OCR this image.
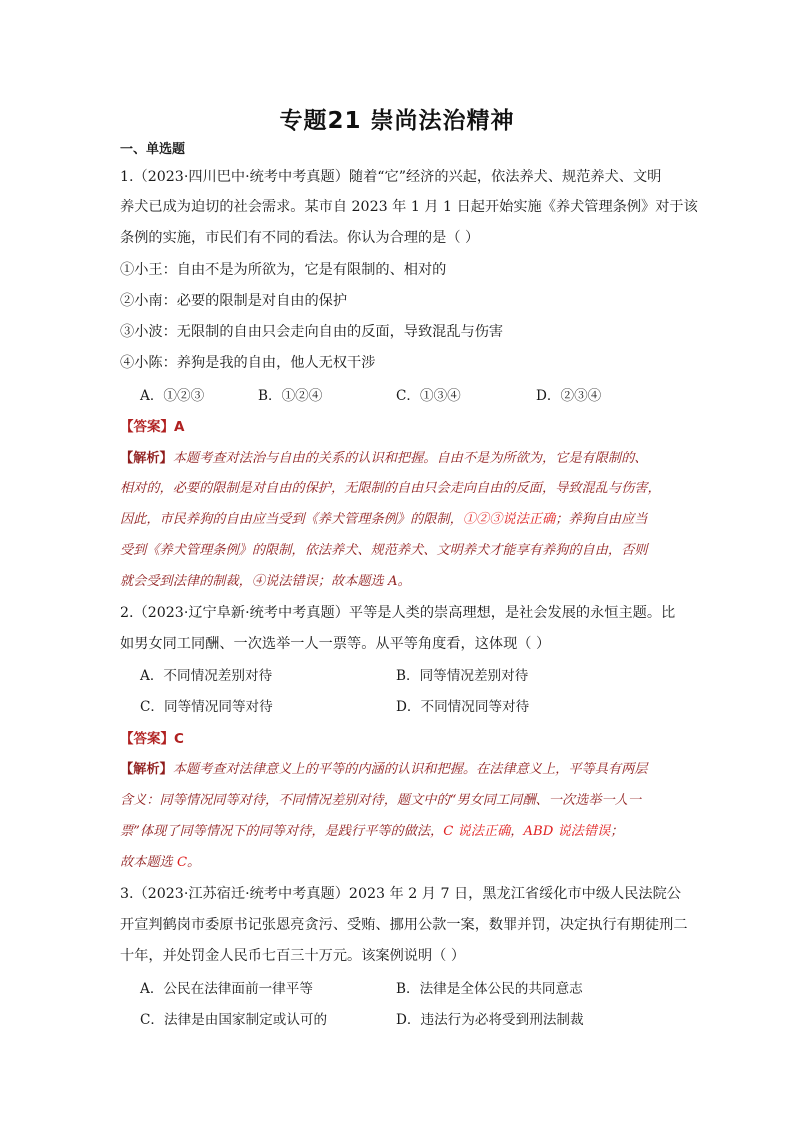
专题21 崇尚法治精神
一、单选题
1.（2023·四川巴中·统考中考真题）随着“它”经济的兴起，依法养犬、规范养犬、文明
养犬已成为迫切的社会需求。某市自 2023 年 1 月 1 日起开始实施《养犬管理条例》对于该
条例的实施，市民们有不同的看法。你认为合理的是（ ）
①小王：自由不是为所欲为，它是有限制的、相对的
②小南：必要的限制是对自由的保护
③小波：无限制的自由只会走向自由的反面，导致混乱与伤害
④小陈：养狗是我的自由，他人无权干涉
A．①②③	B．①②④	C．①③④	D．②③④
【答案】A
【解析】本题考查对法治与自由的关系的认识和把握。自由不是为所欲为，它是有限制的、
相对的，必要的限制是对自由的保护，无限制的自由只会走向自由的反面，导致混乱与伤害，
因此，市民养狗的自由应当受到《养犬管理条例》的限制，①②③说法正确；养狗自由应当
受到《养犬管理条例》的限制，依法养犬、规范养犬、文明养犬才能享有养狗的自由，否则
就会受到法律的制裁，④说法错误；故本题选 A。
2.（2023·辽宁阜新·统考中考真题）平等是人类的崇高理想，是社会发展的永恒主题。比
如男女同工同酬、一次选举一人一票等。从平等角度看，这体现（ ）
A．不同情况差别对待	B．同等情况差别对待
C．同等情况同等对待	D．不同情况同等对待
【答案】C
【解析】本题考查对法律意义上的平等的内涵的认识和把握。在法律意义上，平等具有两层
含义：同等情况同等对待，不同情况差别对待，题文中的“男女同工同酬、一次选举一人一
票”体现了同等情况下的同等对待，是践行平等的做法，C 说法正确，ABD 说法错误；
故本题选 C。
3.（2023·江苏宿迁·统考中考真题）2023 年 2 月 7 日，黑龙江省绥化市中级人民法院公
开宣判鹤岗市委原书记张恩亮贪污、受贿、挪用公款一案，数罪并罚，决定执行有期徒刑二
十年，并处罚金人民币七百三十万元。该案例说明（ ）
A．公民在法律面前一律平等	B．法律是全体公民的共同意志
C．法律是由国家制定或认可的	D．违法行为必将受到刑法制裁
